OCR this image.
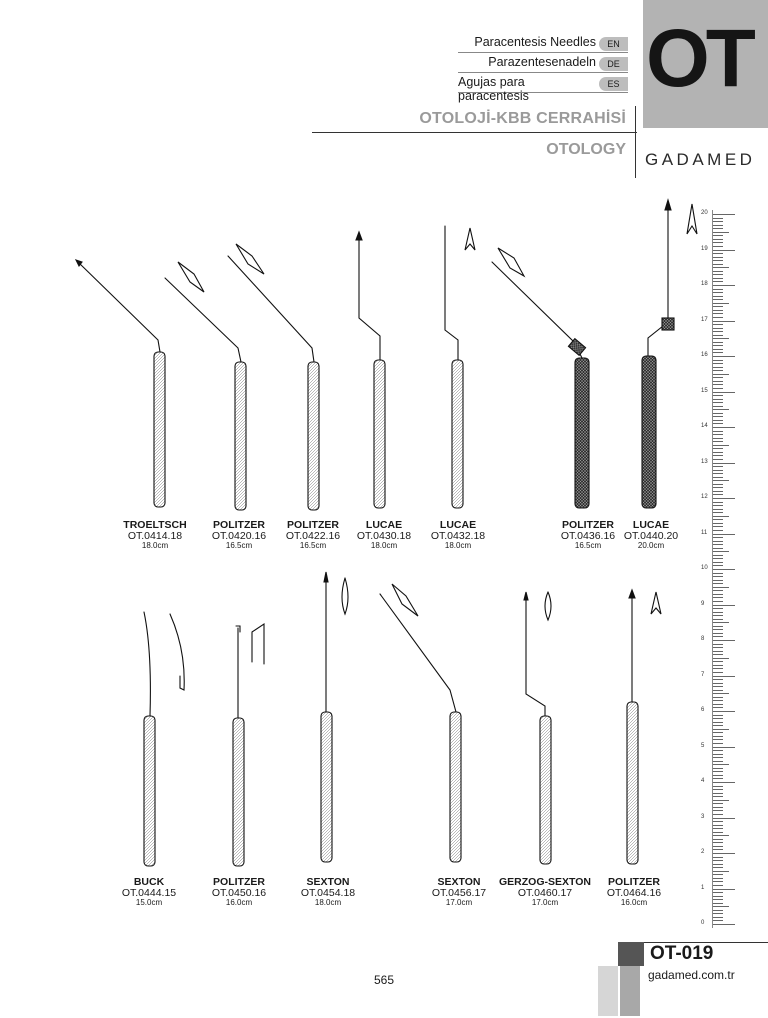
OT
Paracentesis Needles	EN
Parazentesenadeln	DE
Agujas para paracentesis
ES
OTOLOJİ-KBB CERRAHİSİ
OTOLOGY
GADAMED
20
19
18
17
16
15
14
13
12
11
10
9
8
7
6
5
4
3
2
1
0
TROELTSCH
OT.0414.18
18.0cm
POLITZER
OT.0420.16
16.5cm
POLITZER
OT.0422.16
16.5cm
LUCAE
OT.0430.18
18.0cm
LUCAE
OT.0432.18
18.0cm
POLITZER
OT.0436.16
16.5cm
LUCAE
OT.0440.20
20.0cm
BUCK
OT.0444.15
15.0cm
POLITZER
OT.0450.16
16.0cm
SEXTON
OT.0454.18
18.0cm
SEXTON
OT.0456.17
17.0cm
GERZOG-SEXTON
OT.0460.17
17.0cm
POLITZER
OT.0464.16
16.0cm
565
OT-019
gadamed.com.tr
